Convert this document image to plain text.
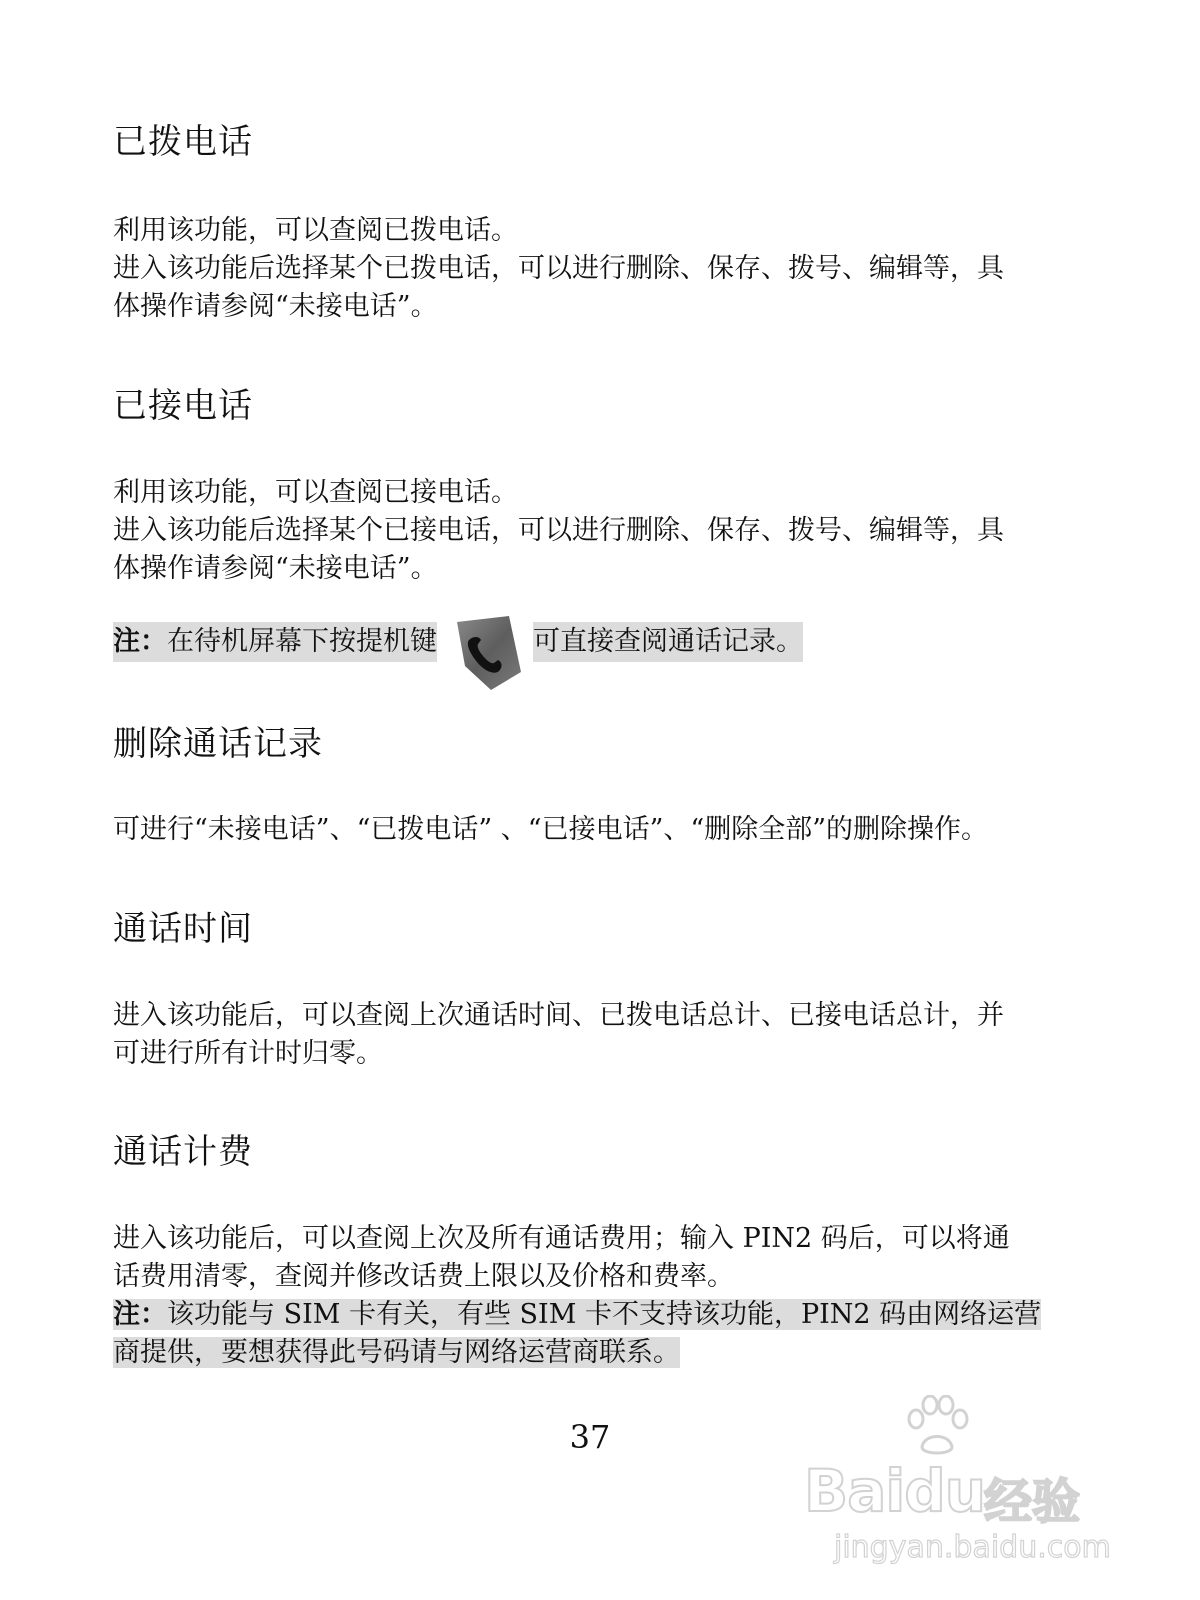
已拨电话

利用该功能，可以查阅已拨电话。

进入该功能后选择某个已拨电话，可以进行删除、保存、拨号、编辑等，具

体操作请参阅“未接电话”。

已接电话

利用该功能，可以查阅已接电话。

进入该功能后选择某个已接电话，可以进行删除、保存、拨号、编辑等，具

体操作请参阅“未接电话”。

注：在待机屏幕下按提机键	可直接查阅通话记录。
删除通话记录

可进行“未接电话”、“已拨电话” 、“已接电话”、“删除全部”的删除操作。

通话时间

进入该功能后，可以查阅上次通话时间、已拨电话总计、已接电话总计，并

可进行所有计时归零。

通话计费

进入该功能后，可以查阅上次及所有通话费用；输入 PIN2 码后，可以将通

话费用清零，查阅并修改话费上限以及价格和费率。

注：该功能与 SIM 卡有关，有些 SIM 卡不支持该功能，PIN2 码由网络运营

商提供，要想获得此号码请与网络运营商联系。

37
Baidu
经验
jingyan.baidu.com
